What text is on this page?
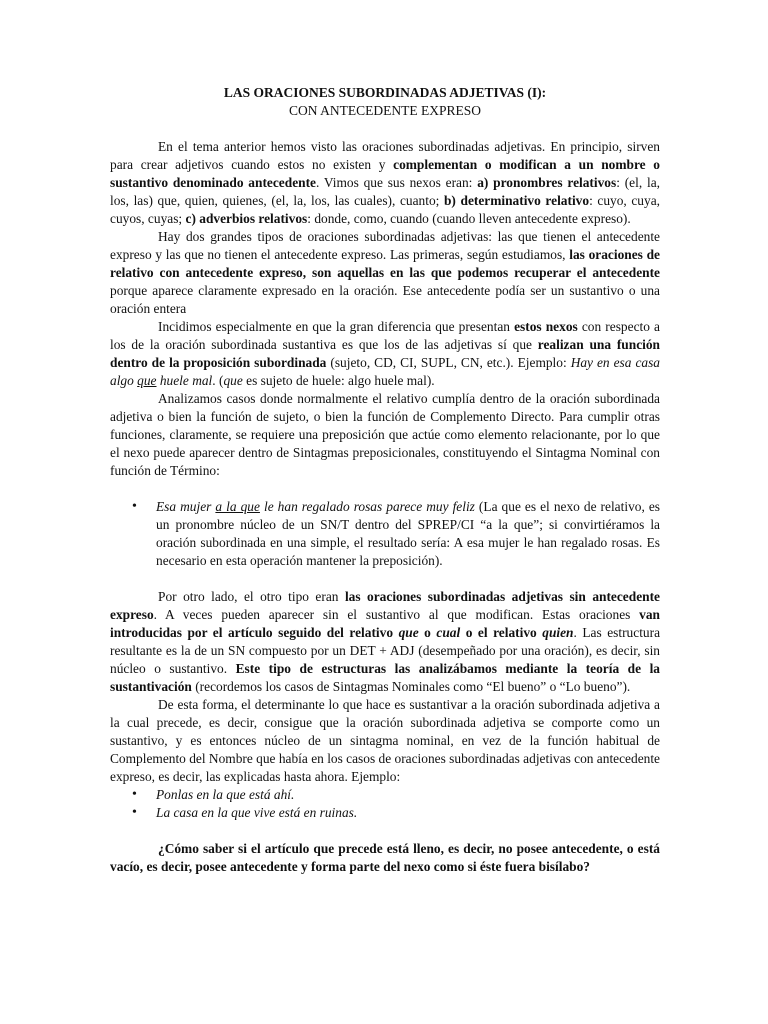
LAS ORACIONES SUBORDINADAS ADJETIVAS (I):
CON ANTECEDENTE EXPRESO

En el tema anterior hemos visto las oraciones subordinadas adjetivas. En principio, sirven para crear adjetivos cuando estos no existen y complementan o modifican a un nombre o sustantivo denominado antecedente. Vimos que sus nexos eran: a) pronombres relativos: (el, la, los, las) que, quien, quienes, (el, la, los, las cuales), cuanto; b) determinativo relativo: cuyo, cuya, cuyos, cuyas; c) adverbios relativos: donde, como, cuando (cuando lleven antecedente expreso).

Hay dos grandes tipos de oraciones subordinadas adjetivas: las que tienen el antecedente expreso y las que no tienen el antecedente expreso. Las primeras, según estudiamos, las oraciones de relativo con antecedente expreso, son aquellas en las que podemos recuperar el antecedente porque aparece claramente expresado en la oración. Ese antecedente podía ser un sustantivo o una oración entera

Incidimos especialmente en que la gran diferencia que presentan estos nexos con respecto a los de la oración subordinada sustantiva es que los de las adjetivas sí que realizan una función dentro de la proposición subordinada (sujeto, CD, CI, SUPL, CN, etc.). Ejemplo: Hay en esa casa algo que huele mal. (que es sujeto de huele: algo huele mal).

Analizamos casos donde normalmente el relativo cumplía dentro de la oración subordinada adjetiva o bien la función de sujeto, o bien la función de Complemento Directo. Para cumplir otras funciones, claramente, se requiere una preposición que actúe como elemento relacionante, por lo que el nexo puede aparecer dentro de Sintagmas preposicionales, constituyendo el Sintagma Nominal con función de Término:

• Esa mujer a la que le han regalado rosas parece muy feliz (La que es el nexo de relativo, es un pronombre núcleo de un SN/T dentro del SPREP/CI “a la que”; si convirtiéramos la oración subordinada en una simple, el resultado sería: A esa mujer le han regalado rosas. Es necesario en esta operación mantener la preposición).

Por otro lado, el otro tipo eran las oraciones subordinadas adjetivas sin antecedente expreso. A veces pueden aparecer sin el sustantivo al que modifican. Estas oraciones van introducidas por el artículo seguido del relativo que o cual o el relativo quien. Las estructura resultante es la de un SN compuesto por un DET + ADJ (desempeñado por una oración), es decir, sin núcleo o sustantivo. Este tipo de estructuras las analizábamos mediante la teoría de la sustantivación (recordemos los casos de Sintagmas Nominales como “El bueno” o “Lo bueno”).

De esta forma, el determinante lo que hace es sustantivar a la oración subordinada adjetiva a la cual precede, es decir, consigue que la oración subordinada adjetiva se comporte como un sustantivo, y es entonces núcleo de un sintagma nominal, en vez de la función habitual de Complemento del Nombre que había en los casos de oraciones subordinadas adjetivas con antecedente expreso, es decir, las explicadas hasta ahora. Ejemplo:

• Ponlas en la que está ahí.
• La casa en la que vive está en ruinas.
¿Cómo saber si el artículo que precede está lleno, es decir, no posee antecedente, o está vacío, es decir, posee antecedente y forma parte del nexo como si éste fuera bisílabo?
